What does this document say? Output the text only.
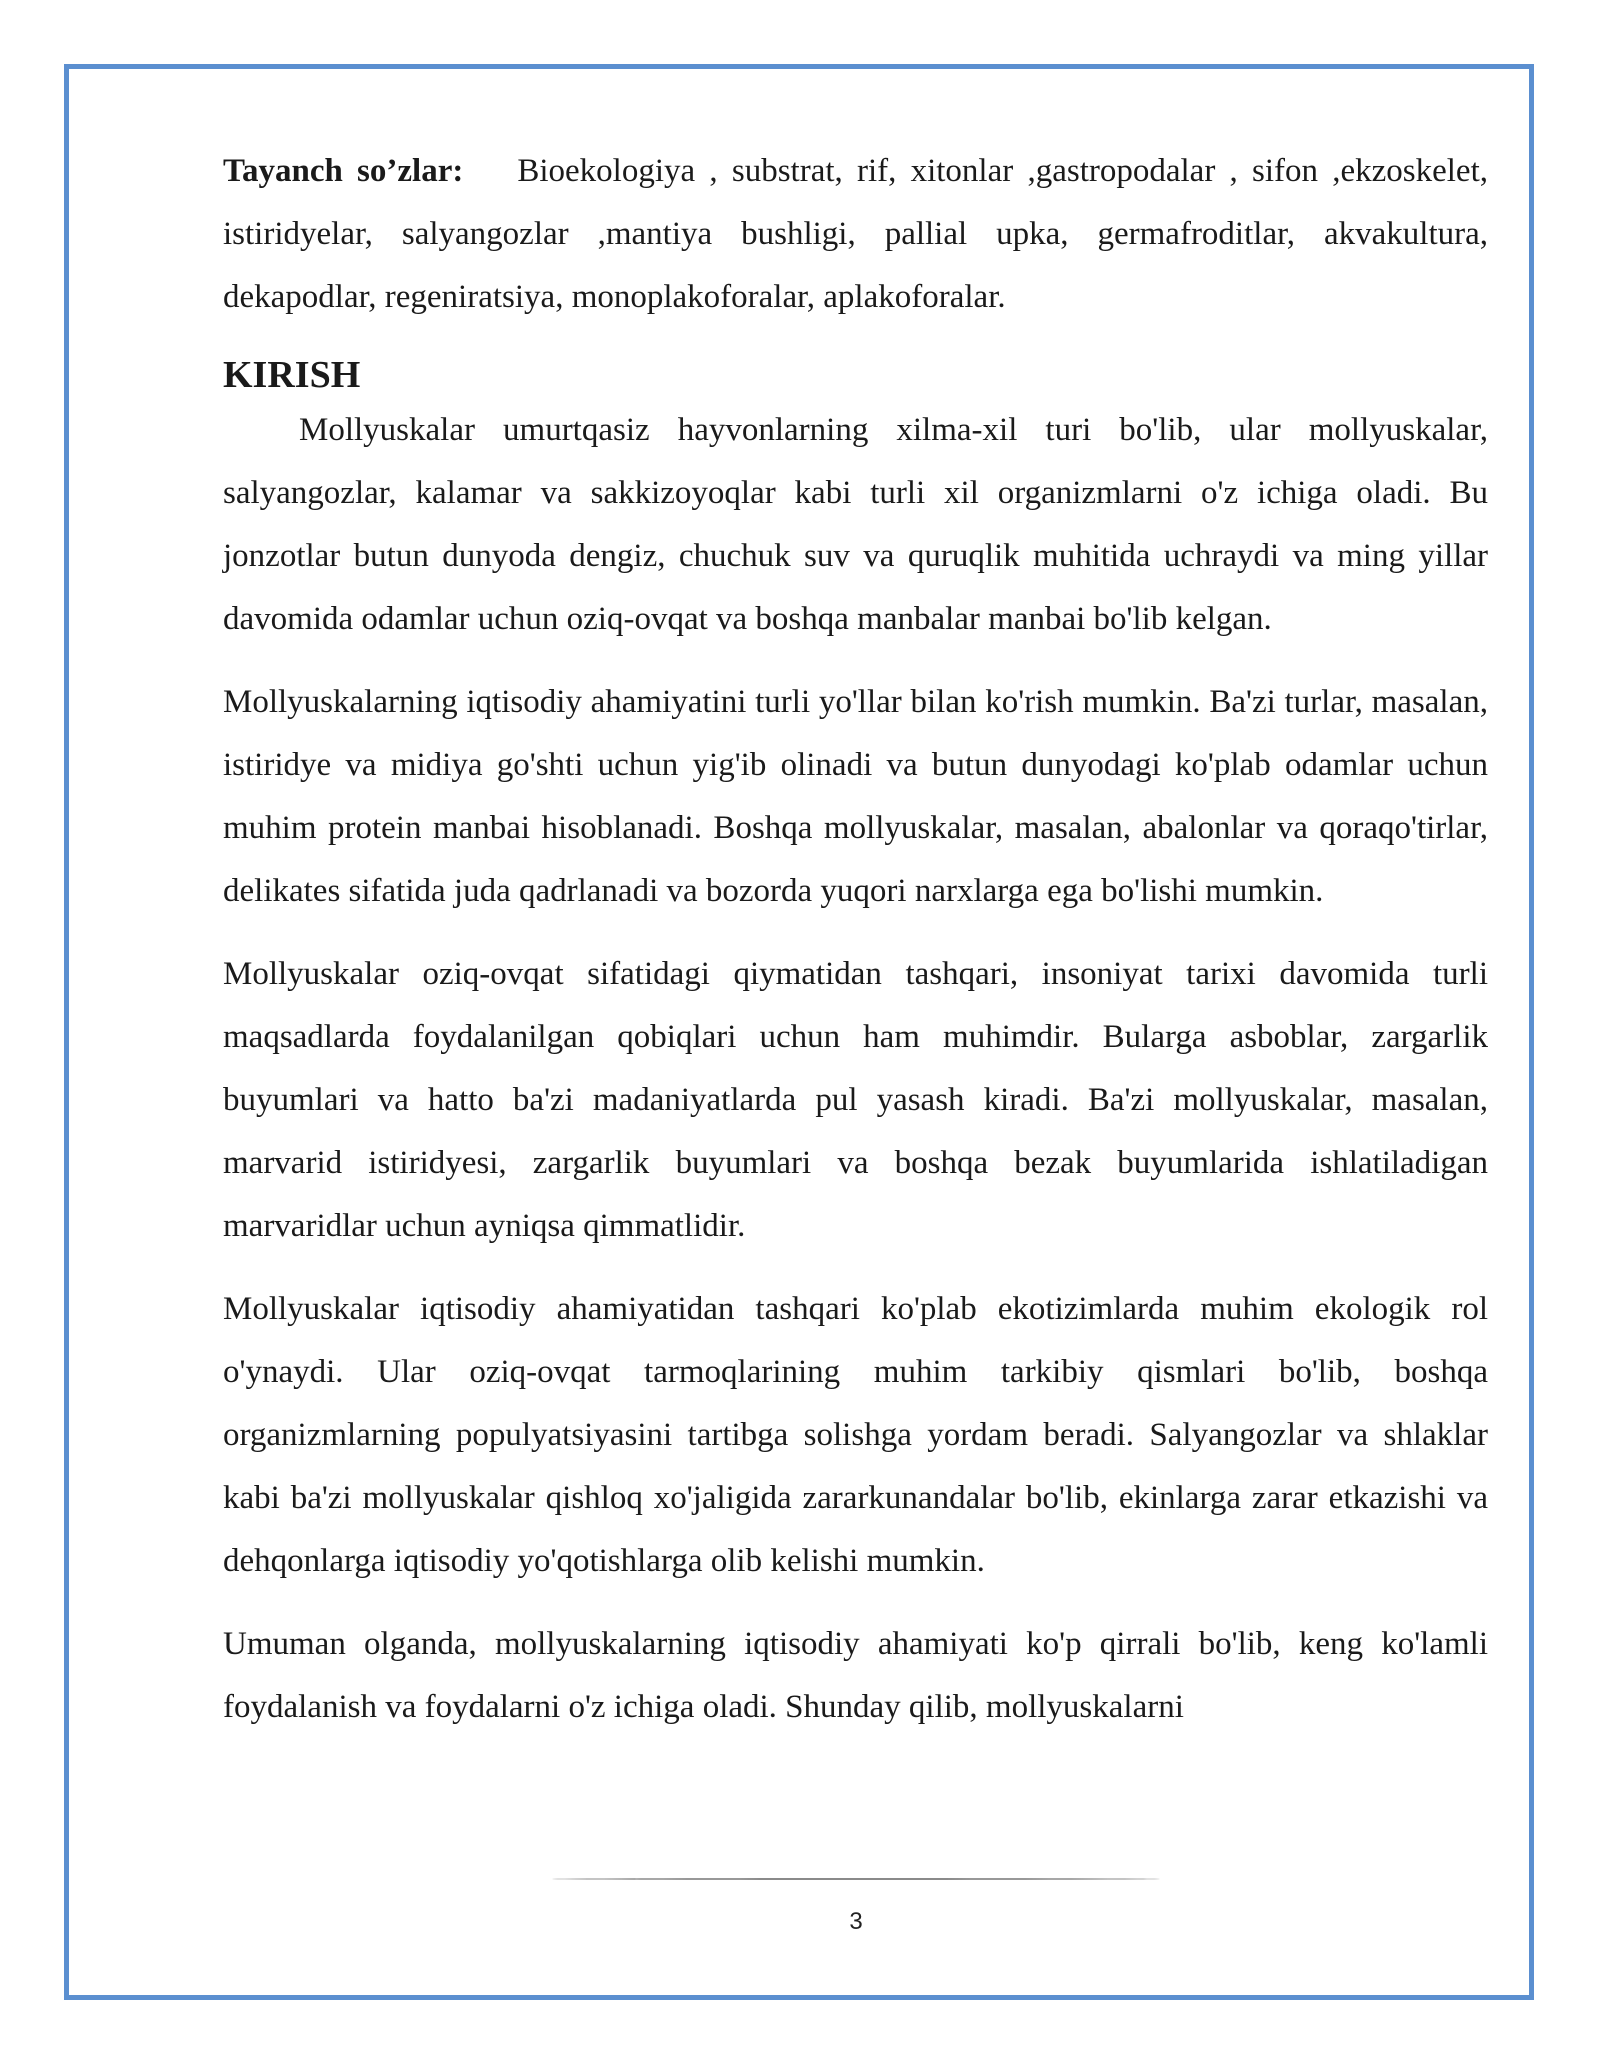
Tayanch so’zlar: Bioekologiya , substrat, rif, xitonlar ,gastropodalar , sifon ,ekzoskelet, istiridyelar, salyangozlar ,mantiya bushligi, pallial upka, germafroditlar, akvakultura, dekapodlar, regeniratsiya, monoplakoforalar, aplakoforalar.

KIRISH

Mollyuskalar umurtqasiz hayvonlarning xilma-xil turi bo'lib, ular mollyuskalar, salyangozlar, kalamar va sakkizoyoqlar kabi turli xil organizmlarni o'z ichiga oladi. Bu jonzotlar butun dunyoda dengiz, chuchuk suv va quruqlik muhitida uchraydi va ming yillar davomida odamlar uchun oziq-ovqat va boshqa manbalar manbai bo'lib kelgan.

Mollyuskalarning iqtisodiy ahamiyatini turli yo'llar bilan ko'rish mumkin. Ba'zi turlar, masalan, istiridye va midiya go'shti uchun yig'ib olinadi va butun dunyodagi ko'plab odamlar uchun muhim protein manbai hisoblanadi. Boshqa mollyuskalar, masalan, abalonlar va qoraqo'tirlar, delikates sifatida juda qadrlanadi va bozorda yuqori narxlarga ega bo'lishi mumkin.

Mollyuskalar oziq-ovqat sifatidagi qiymatidan tashqari, insoniyat tarixi davomida turli maqsadlarda foydalanilgan qobiqlari uchun ham muhimdir. Bularga asboblar, zargarlik buyumlari va hatto ba'zi madaniyatlarda pul yasash kiradi. Ba'zi mollyuskalar, masalan, marvarid istiridyesi, zargarlik buyumlari va boshqa bezak buyumlarida ishlatiladigan marvaridlar uchun ayniqsa qimmatlidir.

Mollyuskalar iqtisodiy ahamiyatidan tashqari ko'plab ekotizimlarda muhim ekologik rol o'ynaydi. Ular oziq-ovqat tarmoqlarining muhim tarkibiy qismlari bo'lib, boshqa organizmlarning populyatsiyasini tartibga solishga yordam beradi. Salyangozlar va shlaklar kabi ba'zi mollyuskalar qishloq xo'jaligida zararkunandalar bo'lib, ekinlarga zarar etkazishi va dehqonlarga iqtisodiy yo'qotishlarga olib kelishi mumkin.

Umuman olganda, mollyuskalarning iqtisodiy ahamiyati ko'p qirrali bo'lib, keng ko'lamli foydalanish va foydalarni o'z ichiga oladi. Shunday qilib, mollyuskalarni

3
